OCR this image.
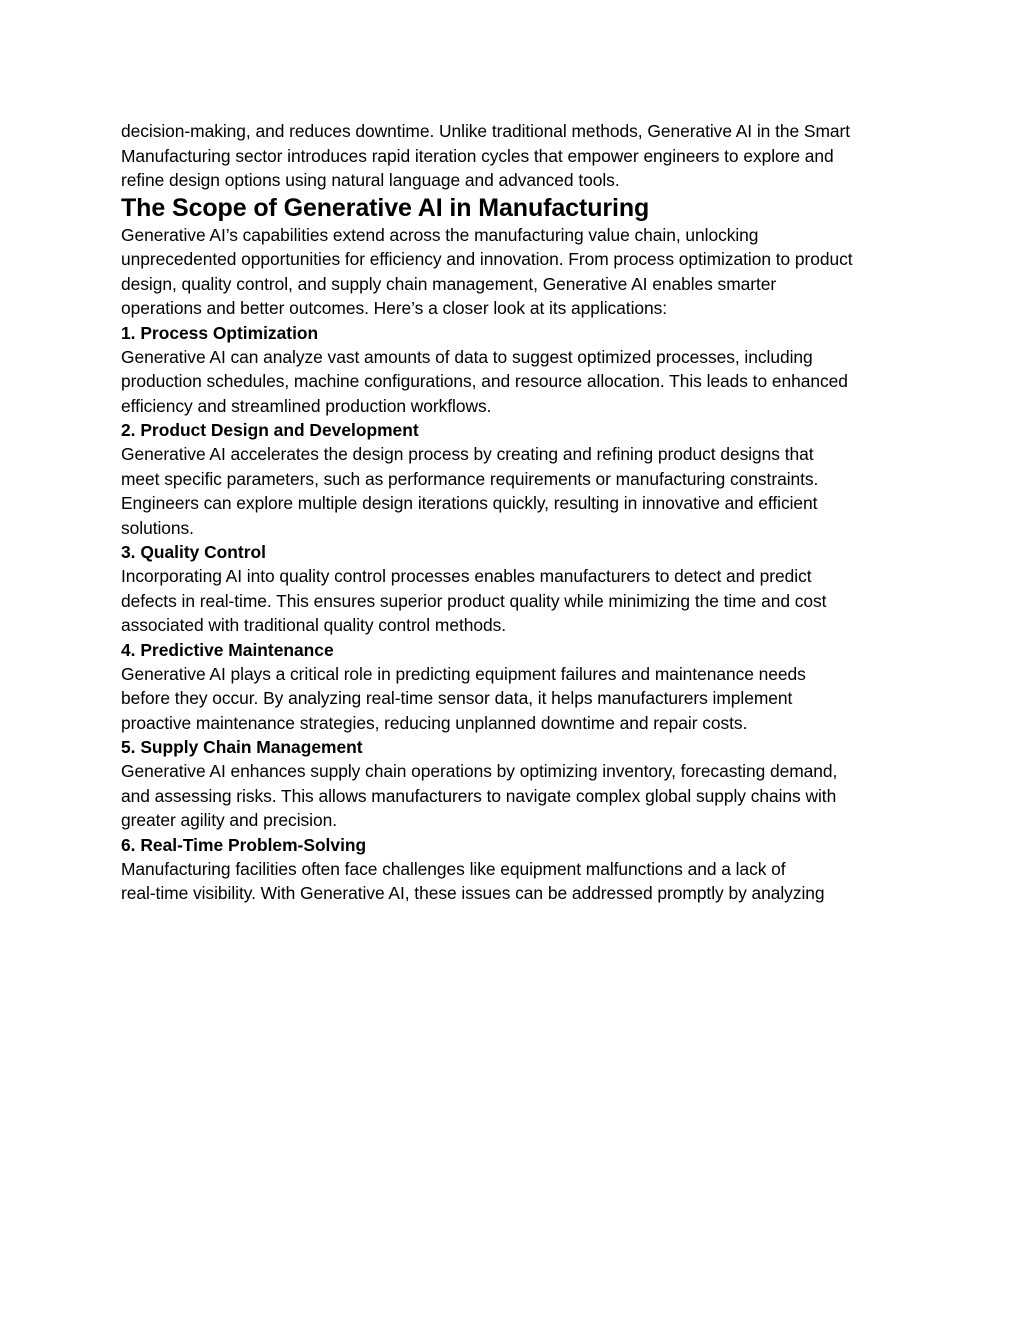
decision-making, and reduces downtime. Unlike traditional methods, Generative AI in the Smart
Manufacturing sector introduces rapid iteration cycles that empower engineers to explore and
refine design options using natural language and advanced tools.

The Scope of Generative AI in Manufacturing

Generative AI’s capabilities extend across the manufacturing value chain, unlocking
unprecedented opportunities for efficiency and innovation. From process optimization to product
design, quality control, and supply chain management, Generative AI enables smarter
operations and better outcomes. Here’s a closer look at its applications:

1. Process Optimization

Generative AI can analyze vast amounts of data to suggest optimized processes, including
production schedules, machine configurations, and resource allocation. This leads to enhanced
efficiency and streamlined production workflows.

2. Product Design and Development

Generative AI accelerates the design process by creating and refining product designs that
meet specific parameters, such as performance requirements or manufacturing constraints.
Engineers can explore multiple design iterations quickly, resulting in innovative and efficient
solutions.

3. Quality Control

Incorporating AI into quality control processes enables manufacturers to detect and predict
defects in real-time. This ensures superior product quality while minimizing the time and cost
associated with traditional quality control methods.

4. Predictive Maintenance

Generative AI plays a critical role in predicting equipment failures and maintenance needs
before they occur. By analyzing real-time sensor data, it helps manufacturers implement
proactive maintenance strategies, reducing unplanned downtime and repair costs.

5. Supply Chain Management

Generative AI enhances supply chain operations by optimizing inventory, forecasting demand,
and assessing risks. This allows manufacturers to navigate complex global supply chains with
greater agility and precision.

6. Real-Time Problem-Solving

Manufacturing facilities often face challenges like equipment malfunctions and a lack of
real-time visibility. With Generative AI, these issues can be addressed promptly by analyzing
